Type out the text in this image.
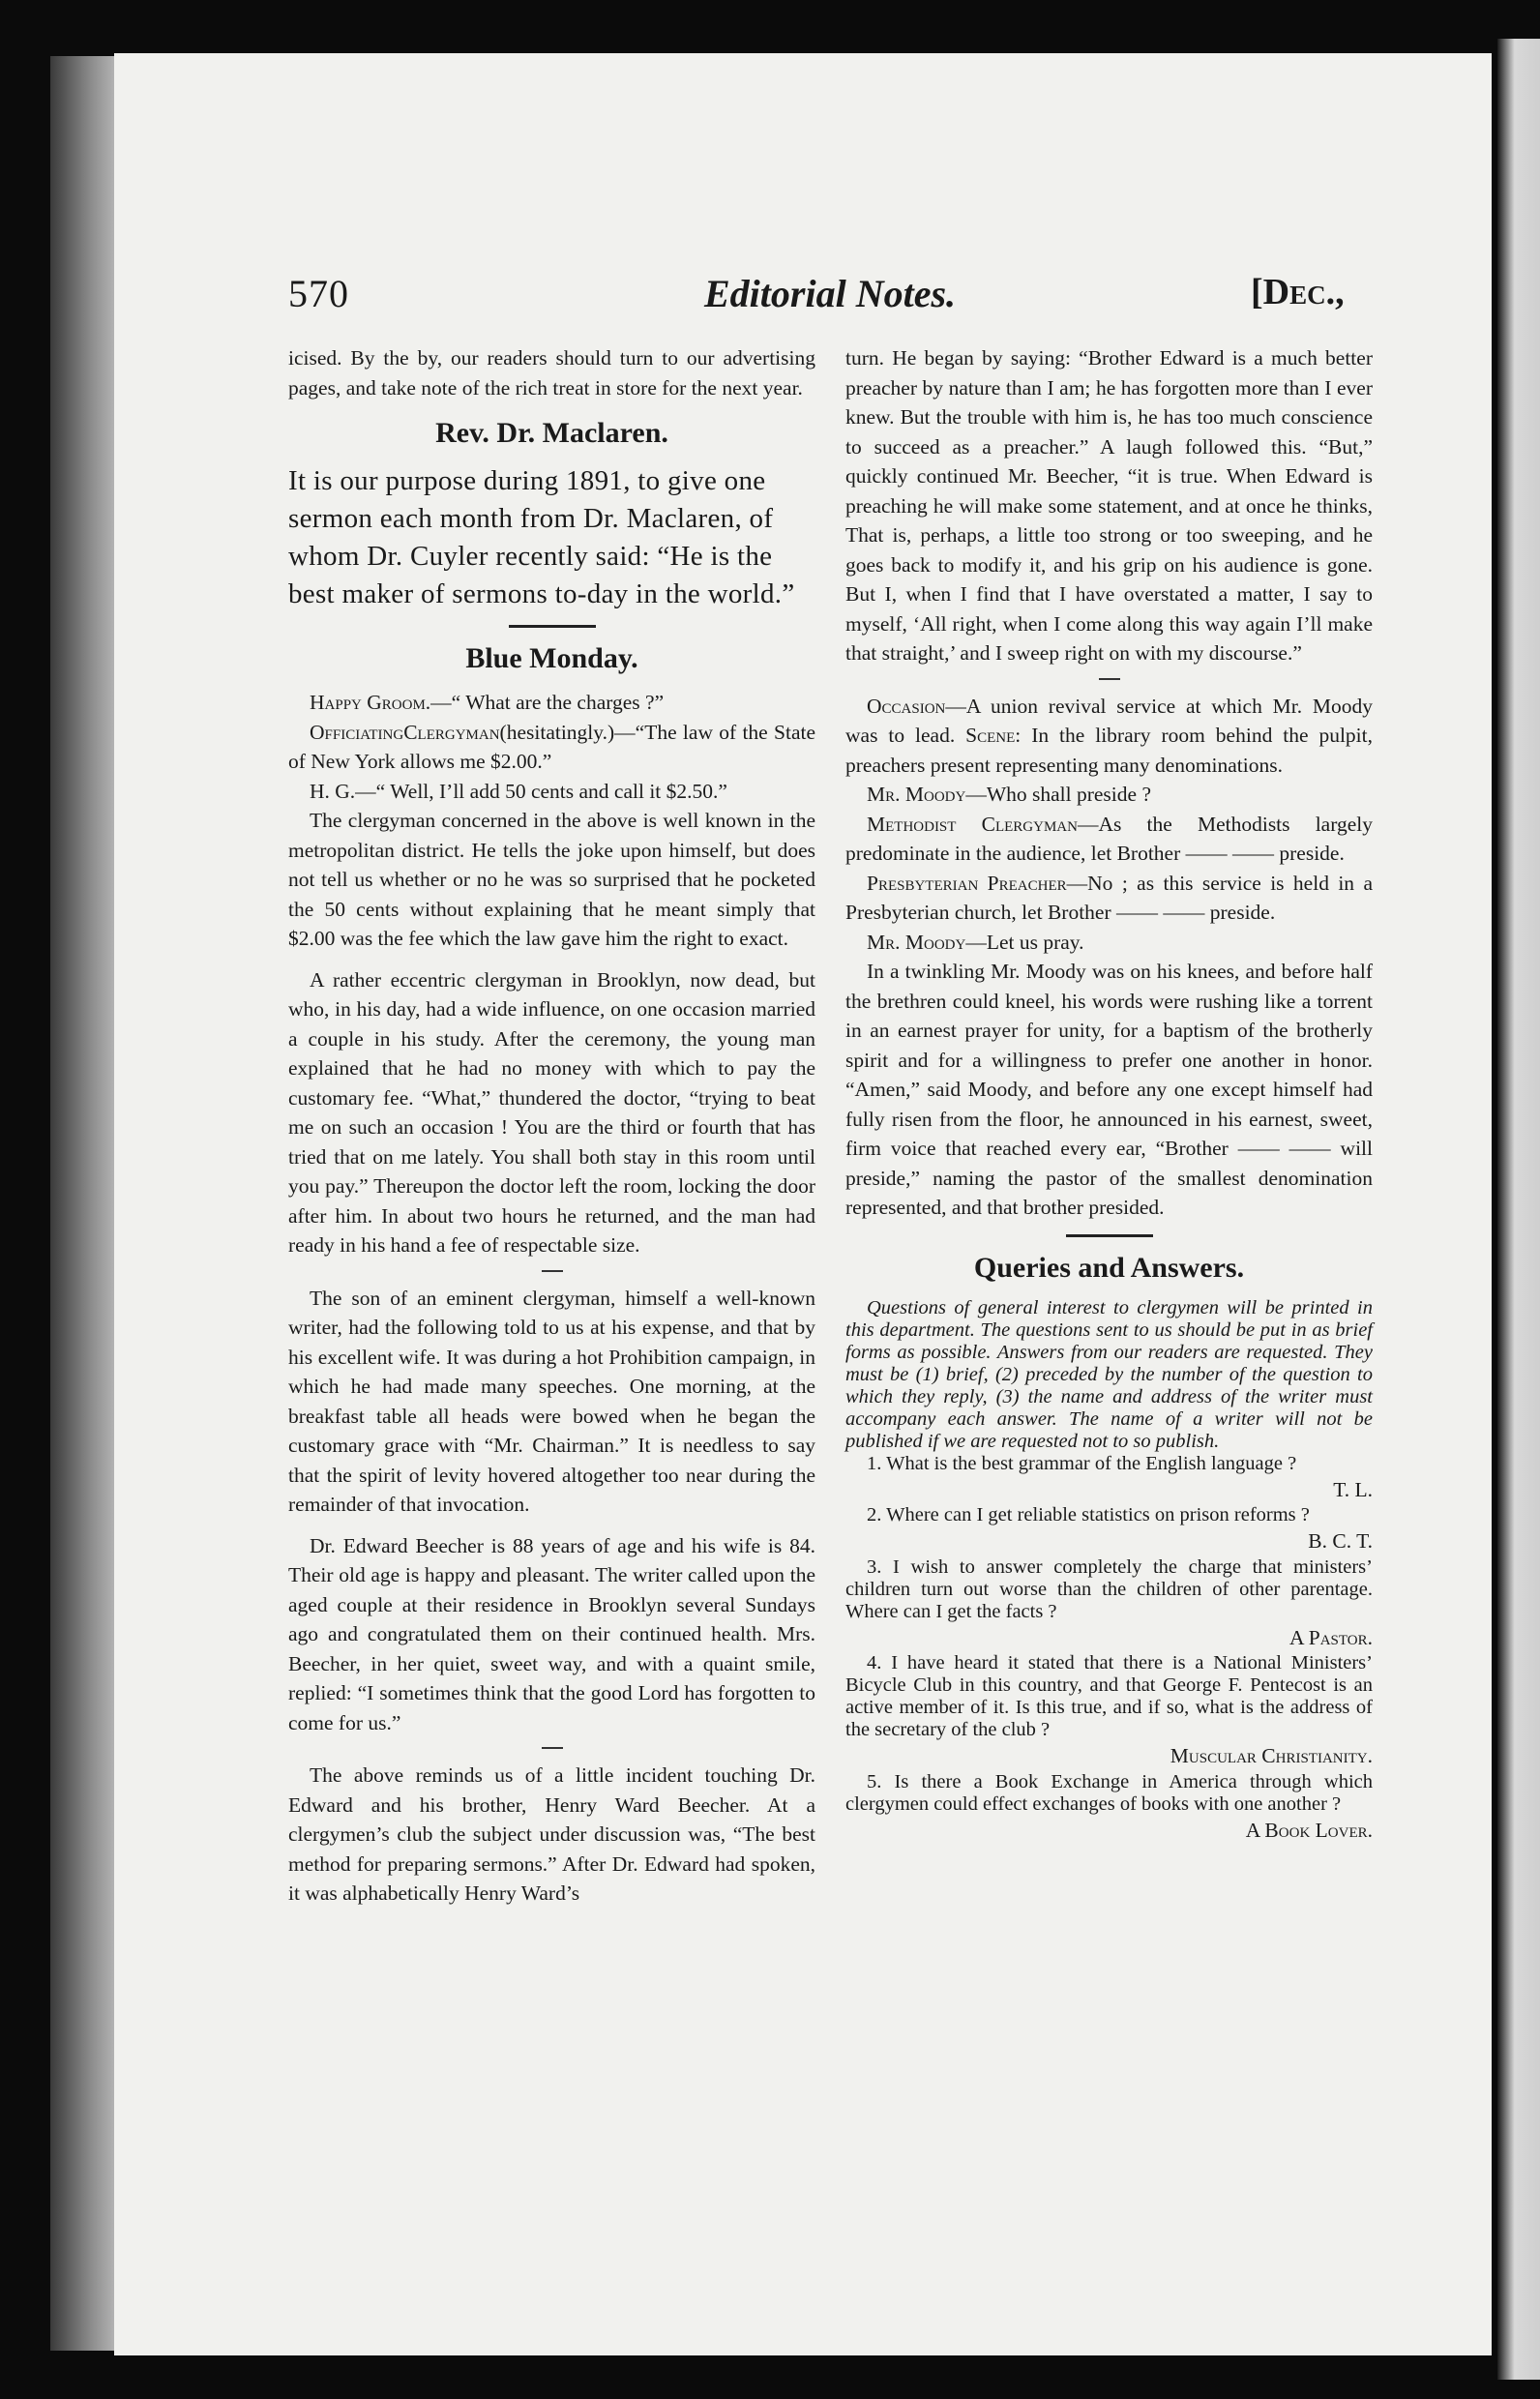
570	Editorial Notes.	[Dec.,

icised. By the by, our readers should turn to our advertising pages, and take note of the rich treat in store for the next year.

Rev. Dr. Maclaren.

It is our purpose during 1891, to give one sermon each month from Dr. Maclaren, of whom Dr. Cuyler recently said: “He is the best maker of sermons to-day in the world.”

Blue Monday.

Happy Groom.—“ What are the charges ?”

OfficiatingClergyman(hesitatingly.)—“The law of the State of New York allows me $2.00.”

H. G.—“ Well, I’ll add 50 cents and call it $2.50.”

The clergyman concerned in the above is well known in the metropolitan district. He tells the joke upon himself, but does not tell us whether or no he was so surprised that he pocketed the 50 cents without explaining that he meant simply that $2.00 was the fee which the law gave him the right to exact.

A rather eccentric clergyman in Brooklyn, now dead, but who, in his day, had a wide influence, on one occasion married a couple in his study. After the ceremony, the young man explained that he had no money with which to pay the customary fee. “What,” thundered the doctor, “trying to beat me on such an occasion ! You are the third or fourth that has tried that on me lately. You shall both stay in this room until you pay.” Thereupon the doctor left the room, locking the door after him. In about two hours he returned, and the man had ready in his hand a fee of respectable size.

The son of an eminent clergyman, himself a well-known writer, had the following told to us at his expense, and that by his excellent wife. It was during a hot Prohibition campaign, in which he had made many speeches. One morning, at the breakfast table all heads were bowed when he began the customary grace with “Mr. Chairman.” It is needless to say that the spirit of levity hovered altogether too near during the remainder of that invocation.

Dr. Edward Beecher is 88 years of age and his wife is 84. Their old age is happy and pleasant. The writer called upon the aged couple at their residence in Brooklyn several Sundays ago and congratulated them on their continued health. Mrs. Beecher, in her quiet, sweet way, and with a quaint smile, replied: “I sometimes think that the good Lord has forgotten to come for us.”

The above reminds us of a little incident touching Dr. Edward and his brother, Henry Ward Beecher. At a clergymen’s club the subject under discussion was, “The best method for preparing sermons.” After Dr. Edward had spoken, it was alphabetically Henry Ward’s

turn. He began by saying: “Brother Edward is a much better preacher by nature than I am; he has forgotten more than I ever knew. But the trouble with him is, he has too much conscience to succeed as a preacher.” A laugh followed this. “But,” quickly continued Mr. Beecher, “it is true. When Edward is preaching he will make some statement, and at once he thinks, That is, perhaps, a little too strong or too sweeping, and he goes back to modify it, and his grip on his audience is gone. But I, when I find that I have overstated a matter, I say to myself, ‘All right, when I come along this way again I’ll make that straight,’ and I sweep right on with my discourse.”

Occasion—A union revival service at which Mr. Moody was to lead. Scene: In the library room behind the pulpit, preachers present representing many denominations.

Mr. Moody—Who shall preside ?

Methodist Clergyman—As the Methodists largely predominate in the audience, let Brother —— —— preside.

Presbyterian Preacher—No ; as this service is held in a Presbyterian church, let Brother —— —— preside.

Mr. Moody—Let us pray.

In a twinkling Mr. Moody was on his knees, and before half the brethren could kneel, his words were rushing like a torrent in an earnest prayer for unity, for a baptism of the brotherly spirit and for a willingness to prefer one another in honor. “Amen,” said Moody, and before any one except himself had fully risen from the floor, he announced in his earnest, sweet, firm voice that reached every ear, “Brother —— —— will preside,” naming the pastor of the smallest denomination represented, and that brother presided.

Queries and Answers.

Questions of general interest to clergymen will be printed in this department. The questions sent to us should be put in as brief forms as possible. Answers from our readers are requested. They must be (1) brief, (2) preceded by the number of the question to which they reply, (3) the name and address of the writer must accompany each answer. The name of a writer will not be published if we are requested not to so publish.

1. What is the best grammar of the English language ?

T. L.

2. Where can I get reliable statistics on prison reforms ?

B. C. T.

3. I wish to answer completely the charge that ministers’ children turn out worse than the children of other parentage. Where can I get the facts ?

A Pastor.

4. I have heard it stated that there is a National Ministers’ Bicycle Club in this country, and that George F. Pentecost is an active member of it. Is this true, and if so, what is the address of the secretary of the club ?

Muscular Christianity.

5. Is there a Book Exchange in America through which clergymen could effect exchanges of books with one another ?

A Book Lover.
